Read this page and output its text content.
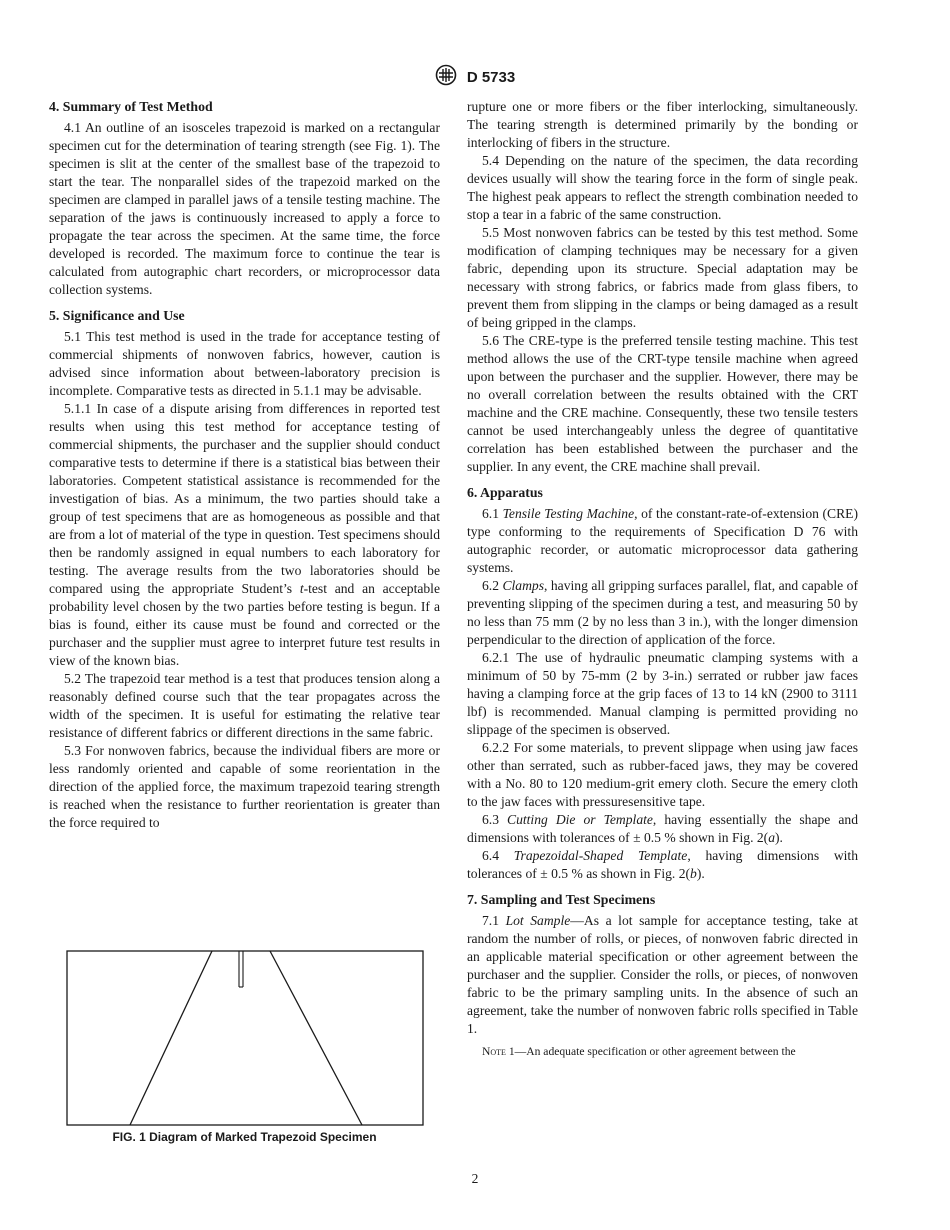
D 5733
4. Summary of Test Method

4.1 An outline of an isosceles trapezoid is marked on a rectangular specimen cut for the determination of tearing strength (see Fig. 1). The specimen is slit at the center of the smallest base of the trapezoid to start the tear. The nonparallel sides of the trapezoid marked on the specimen are clamped in parallel jaws of a tensile testing machine. The separation of the jaws is continuously increased to apply a force to propagate the tear across the specimen. At the same time, the force developed is recorded. The maximum force to continue the tear is calculated from autographic chart recorders, or microprocessor data collection systems.

5. Significance and Use

5.1 This test method is used in the trade for acceptance testing of commercial shipments of nonwoven fabrics, however, caution is advised since information about between-laboratory precision is incomplete. Comparative tests as directed in 5.1.1 may be advisable.

5.1.1 In case of a dispute arising from differences in reported test results when using this test method for acceptance testing of commercial shipments, the purchaser and the supplier should conduct comparative tests to determine if there is a statistical bias between their laboratories. Competent statistical assistance is recommended for the investigation of bias. As a minimum, the two parties should take a group of test specimens that are as homogeneous as possible and that are from a lot of material of the type in question. Test specimens should then be randomly assigned in equal numbers to each laboratory for testing. The average results from the two laboratories should be compared using the appropriate Student’s t-test and an acceptable probability level chosen by the two parties before testing is begun. If a bias is found, either its cause must be found and corrected or the purchaser and the supplier must agree to interpret future test results in view of the known bias.

5.2 The trapezoid tear method is a test that produces tension along a reasonably defined course such that the tear propagates across the width of the specimen. It is useful for estimating the relative tear resistance of different fabrics or different directions in the same fabric.

5.3 For nonwoven fabrics, because the individual fibers are more or less randomly oriented and capable of some reorientation in the direction of the applied force, the maximum trapezoid tearing strength is reached when the resistance to further reorientation is greater than the force required to

FIG. 1 Diagram of Marked Trapezoid Specimen

rupture one or more fibers or the fiber interlocking, simultaneously. The tearing strength is determined primarily by the bonding or interlocking of fibers in the structure.

5.4 Depending on the nature of the specimen, the data recording devices usually will show the tearing force in the form of single peak. The highest peak appears to reflect the strength combination needed to stop a tear in a fabric of the same construction.

5.5 Most nonwoven fabrics can be tested by this test method. Some modification of clamping techniques may be necessary for a given fabric, depending upon its structure. Special adaptation may be necessary with strong fabrics, or fabrics made from glass fibers, to prevent them from slipping in the clamps or being damaged as a result of being gripped in the clamps.

5.6 The CRE-type is the preferred tensile testing machine. This test method allows the use of the CRT-type tensile machine when agreed upon between the purchaser and the supplier. However, there may be no overall correlation between the results obtained with the CRT machine and the CRE machine. Consequently, these two tensile testers cannot be used interchangeably unless the degree of quantitative correlation has been established between the purchaser and the supplier. In any event, the CRE machine shall prevail.

6. Apparatus

6.1 Tensile Testing Machine, of the constant-rate-of-extension (CRE) type conforming to the requirements of Specification D 76 with autographic recorder, or automatic microprocessor data gathering systems.

6.2 Clamps, having all gripping surfaces parallel, flat, and capable of preventing slipping of the specimen during a test, and measuring 50 by no less than 75 mm (2 by no less than 3 in.), with the longer dimension perpendicular to the direction of application of the force.

6.2.1 The use of hydraulic pneumatic clamping systems with a minimum of 50 by 75-mm (2 by 3-in.) serrated or rubber jaw faces having a clamping force at the grip faces of 13 to 14 kN (2900 to 3111 lbf) is recommended. Manual clamping is permitted providing no slippage of the specimen is observed.

6.2.2 For some materials, to prevent slippage when using jaw faces other than serrated, such as rubber-faced jaws, they may be covered with a No. 80 to 120 medium-grit emery cloth. Secure the emery cloth to the jaw faces with pressuresensitive tape.

6.3 Cutting Die or Template, having essentially the shape and dimensions with tolerances of ± 0.5 % shown in Fig. 2(a).

6.4 Trapezoidal-Shaped Template, having dimensions with tolerances of ± 0.5 % as shown in Fig. 2(b).

7. Sampling and Test Specimens

7.1 Lot Sample—As a lot sample for acceptance testing, take at random the number of rolls, or pieces, of nonwoven fabric directed in an applicable material specification or other agreement between the purchaser and the supplier. Consider the rolls, or pieces, of nonwoven fabric to be the primary sampling units. In the absence of such an agreement, take the number of nonwoven fabric rolls specified in Table 1.

Note 1—An adequate specification or other agreement between the
2
